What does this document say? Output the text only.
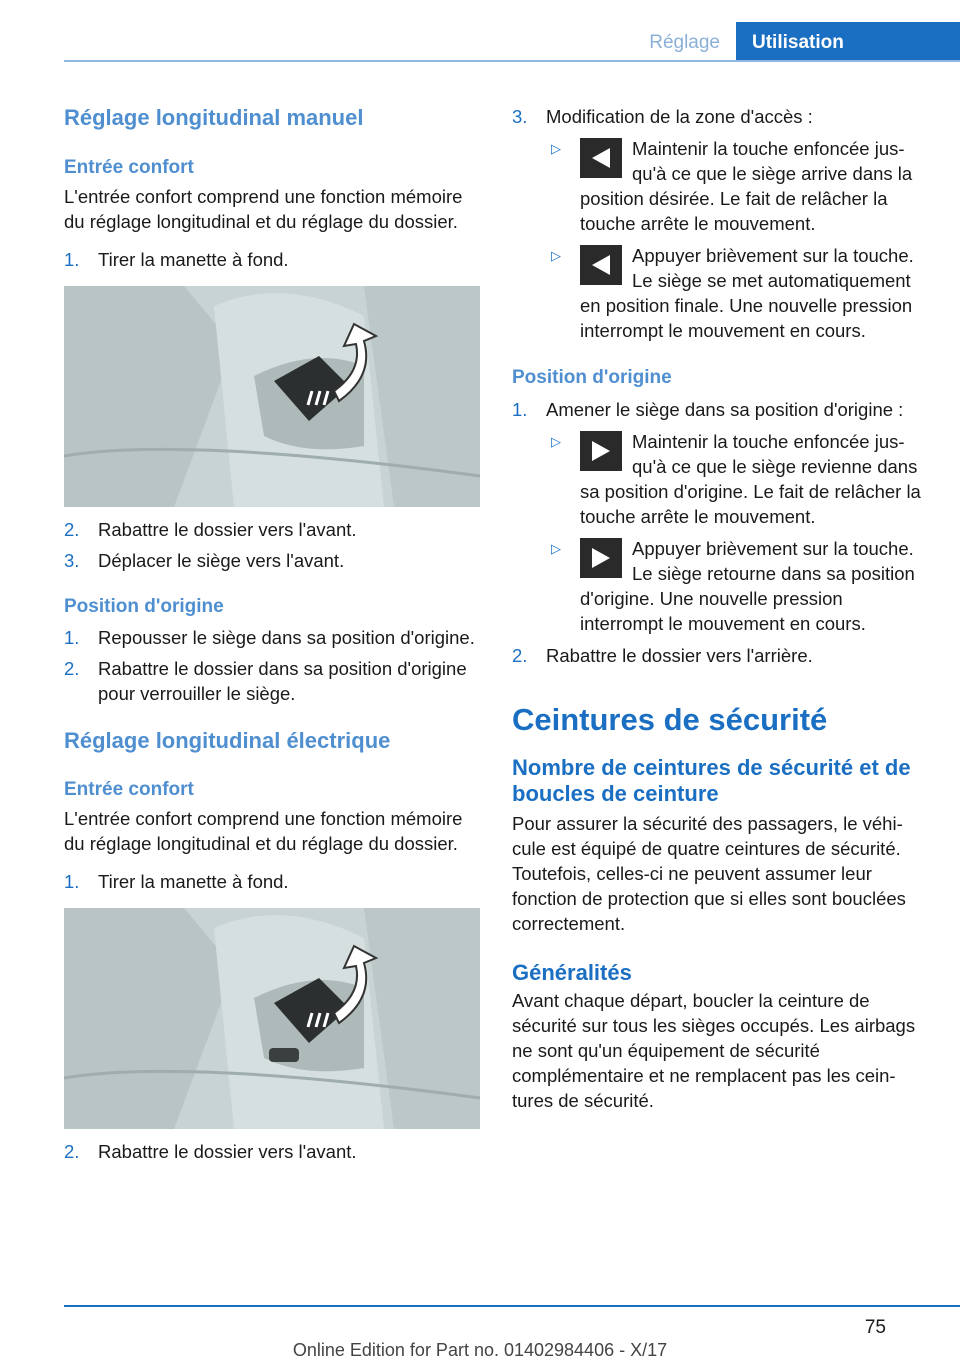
Réglage	Utilisation
Réglage longitudinal manuel
Entrée confort

L'entrée confort comprend une fonction mémoire du réglage longitudinal et du réglage du dossier.

1. Tirer la manette à fond.
2. Rabattre le dossier vers l'avant.
3. Déplacer le siège vers l'avant.
Position d'origine
1. Repousser le siège dans sa position d'origine.
2. Rabattre le dossier dans sa position d'origine pour verrouiller le siège.
Réglage longitudinal électrique
Entrée confort

L'entrée confort comprend une fonction mémoire du réglage longitudinal et du réglage du dossier.

1. Tirer la manette à fond.
2. Rabattre le dossier vers l'avant.
3. Modification de la zone d'accès :
▷	Maintenir la touche enfoncée jusqu'à ce que le siège arrive dans la position désirée. Le fait de relâcher la touche arrête le mouvement.
▷	Appuyer brièvement sur la touche. Le siège se met automatiquement en position finale. Une nouvelle pression interrompt le mouvement en cours.
Position d'origine
1. Amener le siège dans sa position d'origine :
▷	Maintenir la touche enfoncée jusqu'à ce que le siège revienne dans sa position d'origine. Le fait de relâcher la touche arrête le mouvement.
▷	Appuyer brièvement sur la touche. Le siège retourne dans sa position d'origine. Une nouvelle pression interrompt le mouvement en cours.
2. Rabattre le dossier vers l'arrière.
Ceintures de sécurité
Nombre de ceintures de sécurité et de boucles de ceinture

Pour assurer la sécurité des passagers, le véhicule est équipé de quatre ceintures de sécurité. Toutefois, celles-ci ne peuvent assumer leur fonction de protection que si elles sont bouclées correctement.

Généralités

Avant chaque départ, boucler la ceinture de sécurité sur tous les sièges occupés. Les airbags ne sont qu'un équipement de sécurité complémentaire et ne remplacent pas les ceintures de sécurité.

75
Online Edition for Part no. 01402984406 - X/17
